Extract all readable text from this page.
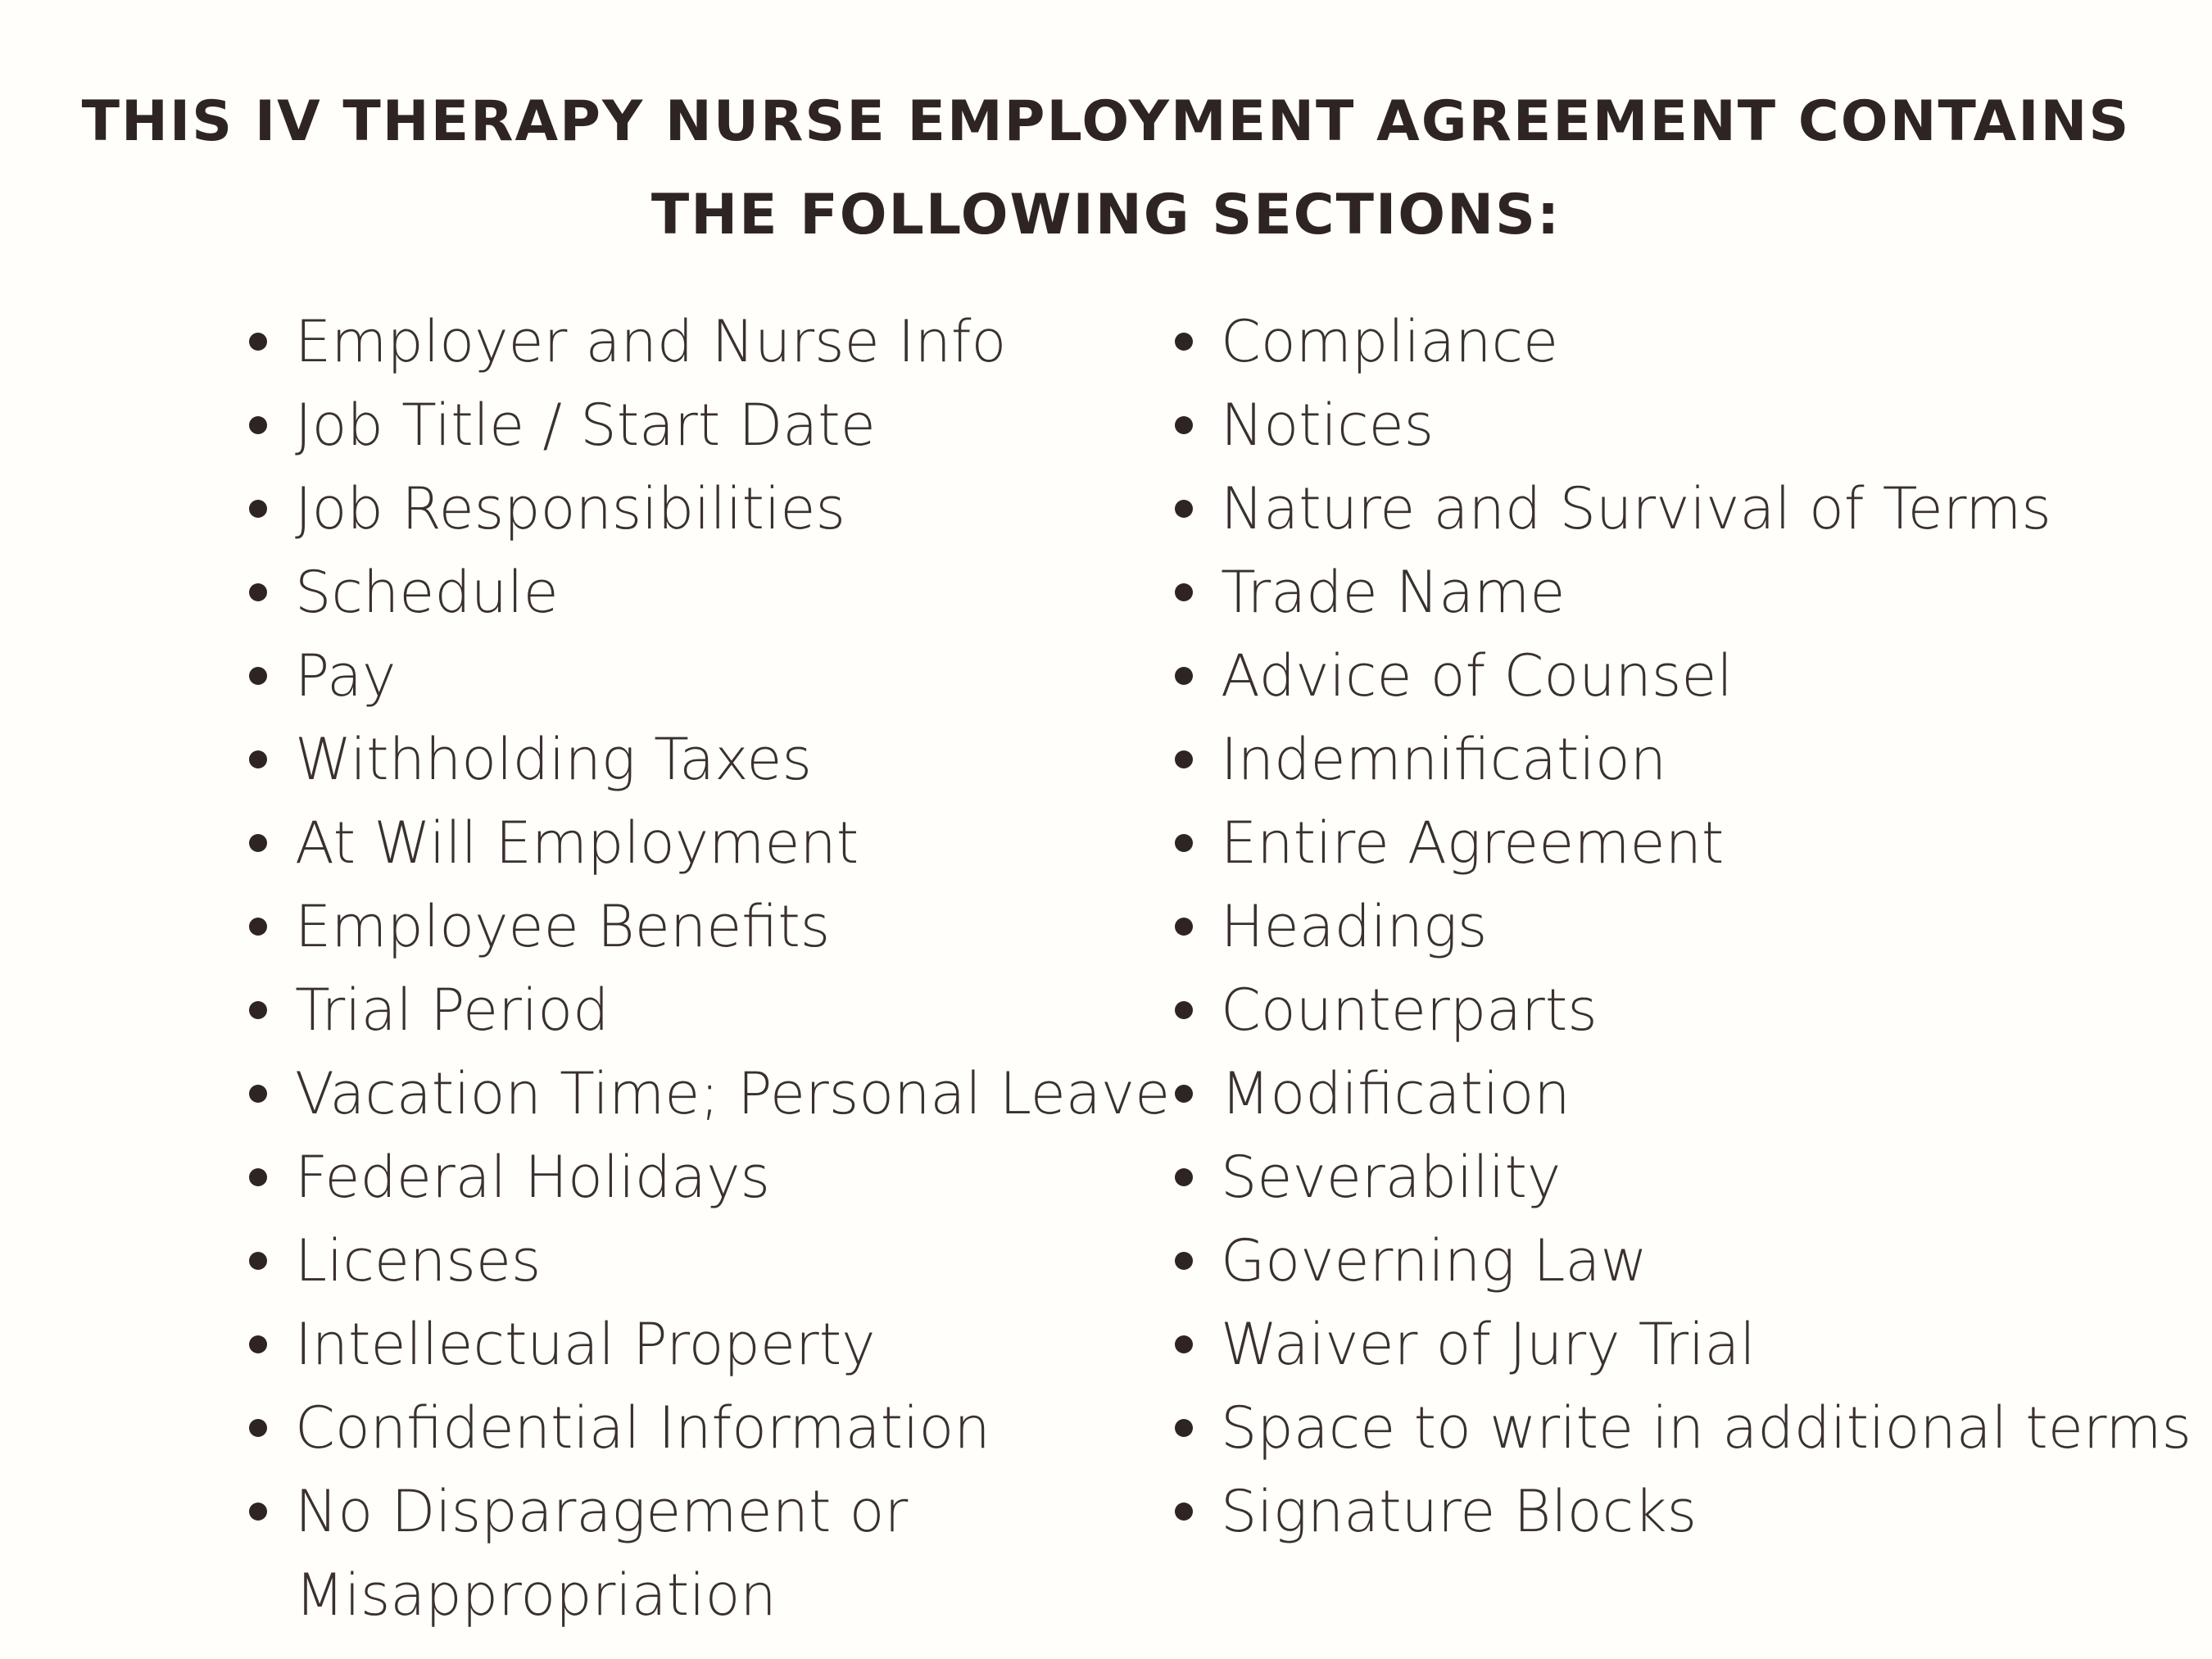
THIS IV THERAPY NURSE EMPLOYMENT AGREEMENT CONTAINS
THE FOLLOWING SECTIONS:
Employer and Nurse Info
Job Title / Start Date
Job Responsibilities
Schedule
Pay
Withholding Taxes
At Will Employment
Employee Benefits
Trial Period
Vacation Time; Personal Leave
Federal Holidays
Licenses
Intellectual Property
Confidential Information
No Disparagement or Misappropriation
Compliance
Notices
Nature and Survival of Terms
Trade Name
Advice of Counsel
Indemnification
Entire Agreement
Headings
Counterparts
Modification
Severability
Governing Law
Waiver of Jury Trial
Space to write in additional terms
Signature Blocks
